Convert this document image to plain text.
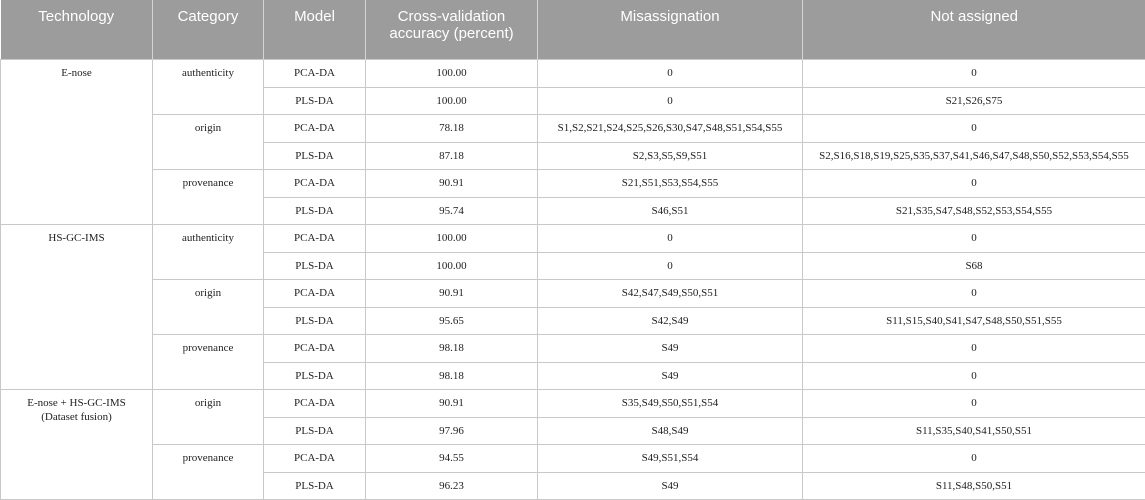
Technology	Category	Model	Cross-validation accuracy (percent)	Misassignation	Not assigned
E-nose	authenticity	PCA-DA	100.00	0	0
		PLS-DA	100.00	0	S21,S26,S75
	origin	PCA-DA	78.18	S1,S2,S21,S24,S25,S26,S30,S47,S48,S51,S54,S55	0
		PLS-DA	87.18	S2,S3,S5,S9,S51	S2,S16,S18,S19,S25,S35,S37,S41,S46,S47,S48,S50,S52,S53,S54,S55
	provenance	PCA-DA	90.91	S21,S51,S53,S54,S55	0
		PLS-DA	95.74	S46,S51	S21,S35,S47,S48,S52,S53,S54,S55
HS-GC-IMS	authenticity	PCA-DA	100.00	0	0
		PLS-DA	100.00	0	S68
	origin	PCA-DA	90.91	S42,S47,S49,S50,S51	0
		PLS-DA	95.65	S42,S49	S11,S15,S40,S41,S47,S48,S50,S51,S55
	provenance	PCA-DA	98.18	S49	0
		PLS-DA	98.18	S49	0

E-nose + HS-GC-IMS
(Dataset fusion)	origin	PCA-DA	90.91	S35,S49,S50,S51,S54	0
		PLS-DA	97.96	S48,S49	S11,S35,S40,S41,S50,S51
	provenance	PCA-DA	94.55	S49,S51,S54	0
		PLS-DA	96.23	S49	S11,S48,S50,S51
